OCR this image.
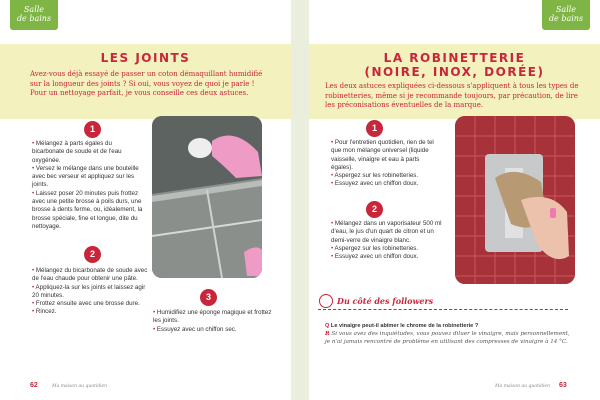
Salle
de bains
LES JOINTS
Avez-vous déjà essayé de passer un coton démaquillant humidifié sur la longueur des joints ? Si oui, vous voyez de quoi je parle ! Pour un nettoyage parfait, je vous conseille ces deux astuces.
1
• Mélangez à parts égales du bicarbonate de soude et de l'eau oxygénée.
• Versez le mélange dans une bouteille avec bec verseur et appliquez sur les joints.
• Laissez poser 20 minutes puis frottez avec une petite brosse à poils durs, une brosse à dents ferme, ou, idéalement, la brosse spéciale, fine et longue, dite du nettoyage.
2
• Mélangez du bicarbonate de soude avec de l'eau chaude pour obtenir une pâte.
• Appliquez-la sur les joints et laissez agir 20 minutes.
• Frottez ensuite avec une brosse dure.
• Rincez.
3
• Humidifiez une éponge magique et frottez les joints.
• Essuyez avec un chiffon sec.
62	Ma maison au quotidien
Salle
de bains
LA ROBINETTERIE
(NOIRE, INOX, DORÉE)
Les deux astuces expliquées ci-dessous s'appliquent à tous les types de robinetteries, même si je recommande toujours, par précaution, de lire les préconisations éventuelles de la marque.
1
• Pour l'entretien quotidien, rien de tel que mon mélange universel (liquide vaisselle, vinaigre et eau à parts égales).
• Aspergez sur les robinetteries.
• Essuyez avec un chiffon doux.
2
• Mélangez dans un vaporisateur 500 ml d'eau, le jus d'un quart de citron et un demi-verre de vinaigre blanc.
• Aspergez sur les robinetteries.
• Essuyez avec un chiffon doux.
Du côté des followers
Q Le vinaigre peut-il abîmer le chrome de la robinetterie ?
R Si vous avez des inquiétudes, vous pouvez diluer le vinaigre, mais personnellement, je n'ai jamais rencontré de problème en utilisant des compresses de vinaigre à 14 °C.
Ma maison au quotidien 63
